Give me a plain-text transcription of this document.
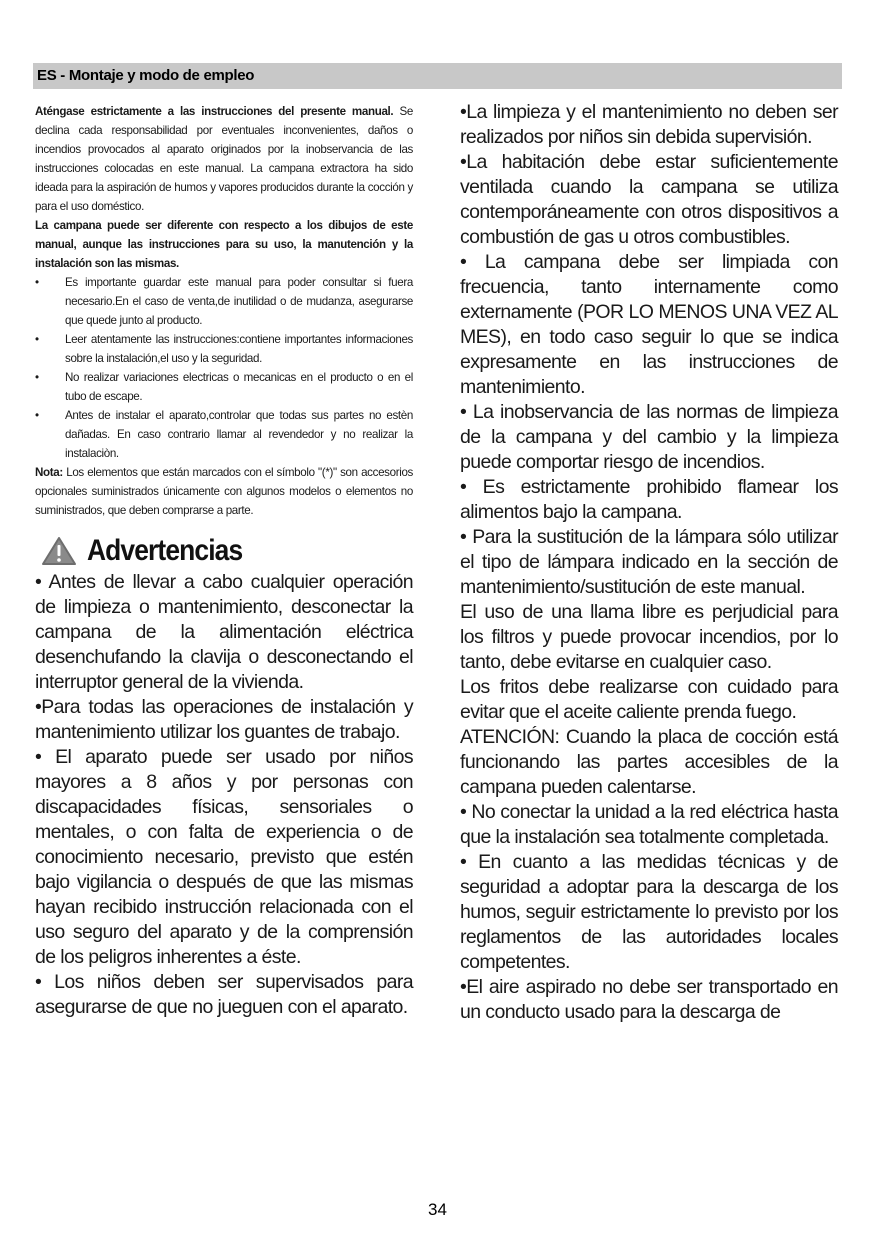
ES - Montaje y modo de empleo

Aténgase estrictamente a las instrucciones del presente manual. Se declina cada responsabilidad por eventuales inconvenientes, daños o incendios provocados al aparato originados por la inobservancia de las instrucciones colocadas en este manual. La campana extractora ha sido ideada para la aspiración de humos y vapores producidos durante la cocción y para el uso doméstico.

La campana puede ser diferente con respecto a los dibujos de este manual, aunque las instrucciones para su uso, la manutención y la instalación son las mismas.

• Es importante guardar este manual para poder consultar si fuera necesario.En el caso de venta,de inutilidad o de mudanza, asegurarse que quede junto al producto.
• Leer atentamente las instrucciones:contiene importantes informaciones sobre la instalación,el uso y la seguridad.
• No realizar variaciones electricas o mecanicas en el producto o en el tubo de escape.
• Antes de instalar el aparato,controlar que todas sus partes no estèn dañadas. En caso contrario llamar al revendedor y no realizar la instalaciòn.

Nota: Los elementos que están marcados con el símbolo "(*)" son accesorios opcionales suministrados únicamente con algunos modelos o elementos no suministrados, que deben comprarse a parte.

Advertencias

• Antes de llevar a cabo cualquier operación de limpieza o mantenimiento, desconectar la campana de la alimentación eléctrica desenchufando la clavija o desconectando el interruptor general de la vivienda.

•Para todas las operaciones de instalación y mantenimiento utilizar los guantes de trabajo.

• El aparato puede ser usado por niños mayores a 8 años y por personas con discapacidades físicas, sensoriales o mentales, o con falta de experiencia o de conocimiento necesario, previsto que estén bajo vigilancia o después de que las mismas hayan recibido instrucción relacionada con el uso seguro del aparato y de la comprensión de los peligros inherentes a éste.

• Los niños deben ser supervisados para asegurarse de que no jueguen con el aparato.

•La limpieza y el mantenimiento no deben ser realizados por niños sin debida supervisión.

•La habitación debe estar suficientemente ventilada cuando la campana se utiliza contemporáneamente con otros dispositivos a combustión de gas u otros combustibles.

• La campana debe ser limpiada con frecuencia, tanto internamente como externamente (POR LO MENOS UNA VEZ AL MES), en todo caso seguir lo que se indica expresamente en las instrucciones de mantenimiento.

• La inobservancia de las normas de limpieza de la campana y del cambio y la limpieza puede comportar riesgo de incendios.

• Es estrictamente prohibido flamear los alimentos bajo la campana.

• Para la sustitución de la lámpara sólo utilizar el tipo de lámpara indicado en la sección de mantenimiento/sustitución de este manual.

El uso de una llama libre es perjudicial para los filtros y puede provocar incendios, por lo tanto, debe evitarse en cualquier caso.

Los fritos debe realizarse con cuidado para evitar que el aceite caliente prenda fuego.

ATENCIÓN: Cuando la placa de cocción está funcionando las partes accesibles de la campana pueden calentarse.

• No conectar la unidad a la red eléctrica hasta que la instalación sea totalmente completada.

• En cuanto a las medidas técnicas y de seguridad a adoptar para la descarga de los humos, seguir estrictamente lo previsto por los reglamentos de las autoridades locales competentes.

•El aire aspirado no debe ser transportado en un conducto usado para la descarga de

34
